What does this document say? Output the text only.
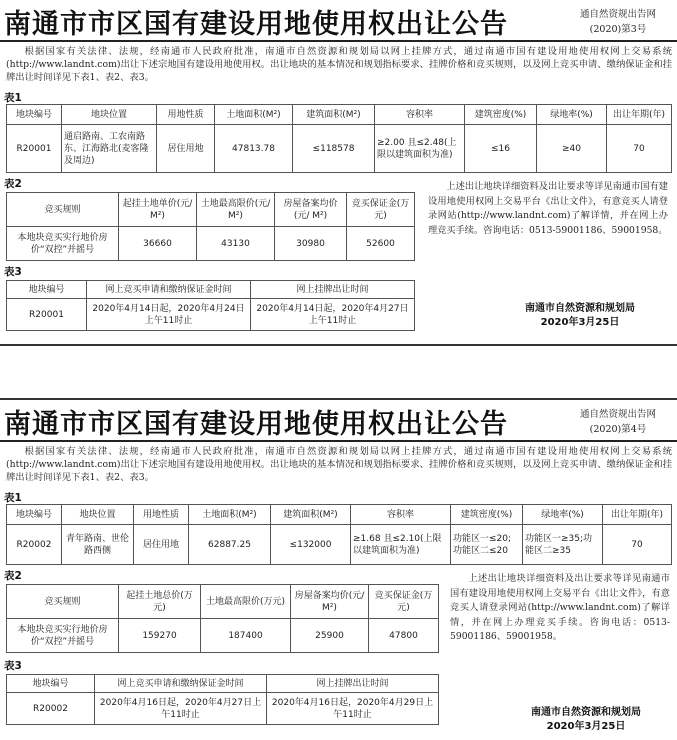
南通市市区国有建设用地使用权出让公告	通自然资规出告网
(2020)第3号

根据国家有关法律、法规，经南通市人民政府批准，南通市自然资源和规划局以网上挂牌方式，通过南通市国有建设用地使用权网上交易系统(http://www.landnt.com)出让下述宗地国有建设用地使用权。出让地块的基本情况和规划指标要求、挂牌价格和竞买规则，以及网上竞买申请、缴纳保证金和挂牌出让时间详见下表1、表2、表3。

表1
地块编号	地块位置	用地性质	土地面积(M²)	建筑面积(M²)	容积率	建筑密度(%)	绿地率(%)	出让年期(年)
R20001	通启路南、工农南路东、江海路北(麦客隆及周边)	居住用地	47813.78	≤118578	≥2.00 且≤2.48(上限以建筑面积为准)	≤16	≥40	70
表2
竞买规则	起挂土地单价(元/ M²)	土地最高限价(元/ M²)	房屋备案均价(元/ M²)	竞买保证金(万元)
本地块竞买实行地价房价“双控”并摇号	36660	43130	30980	52600
表3
地块编号	网上竞买申请和缴纳保证金时间	网上挂牌出让时间
R20001	2020年4月14日起，2020年4月24日上午11时止	2020年4月14日起，2020年4月27日上午11时止

上述出让地块详细资料及出让要求等详见南通市国有建设用地使用权网上交易平台《出让文件》，有意竞买人请登录网站(http://www.landnt.com)了解详情，并在网上办理竞买手续。咨询电话：0513-59001186、59001958。

南通市自然资源和规划局
2020年3月25日
南通市市区国有建设用地使用权出让公告	通自然资规出告网
(2020)第4号

根据国家有关法律、法规，经南通市人民政府批准，南通市自然资源和规划局以网上挂牌方式，通过南通市国有建设用地使用权网上交易系统(http://www.landnt.com)出让下述宗地国有建设用地使用权。出让地块的基本情况和规划指标要求、挂牌价格和竞买规则，以及网上竞买申请、缴纳保证金和挂牌出让时间详见下表1、表2、表3。

表1
地块编号	地块位置	用地性质	土地面积(M²)	建筑面积(M²)	容积率	建筑密度(%)	绿地率(%)	出让年期(年)
R20002	青年路南、世伦路西侧	居住用地	62887.25	≤132000	≥1.68 且≤2.10(上限以建筑面积为准)	功能区一≤20;功能区二≤20	功能区一≥35;功能区二≥35	70
表2
竞买规则	起挂土地总价(万元)	土地最高限价(万元)	房屋备案均价(元/ M²)	竞买保证金(万元)
本地块竞买实行地价房价“双控”并摇号	159270	187400	25900	47800
表3
地块编号	网上竞买申请和缴纳保证金时间	网上挂牌出让时间
R20002	2020年4月16日起，2020年4月27日上午11时止	2020年4月16日起，2020年4月29日上午11时止

上述出让地块详细资料及出让要求等详见南通市国有建设用地使用权网上交易平台《出让文件》，有意竞买人请登录网站(http://www.landnt.com)了解详情，并在网上办理竞买手续。咨询电话：0513-59001186、59001958。

南通市自然资源和规划局
2020年3月25日
